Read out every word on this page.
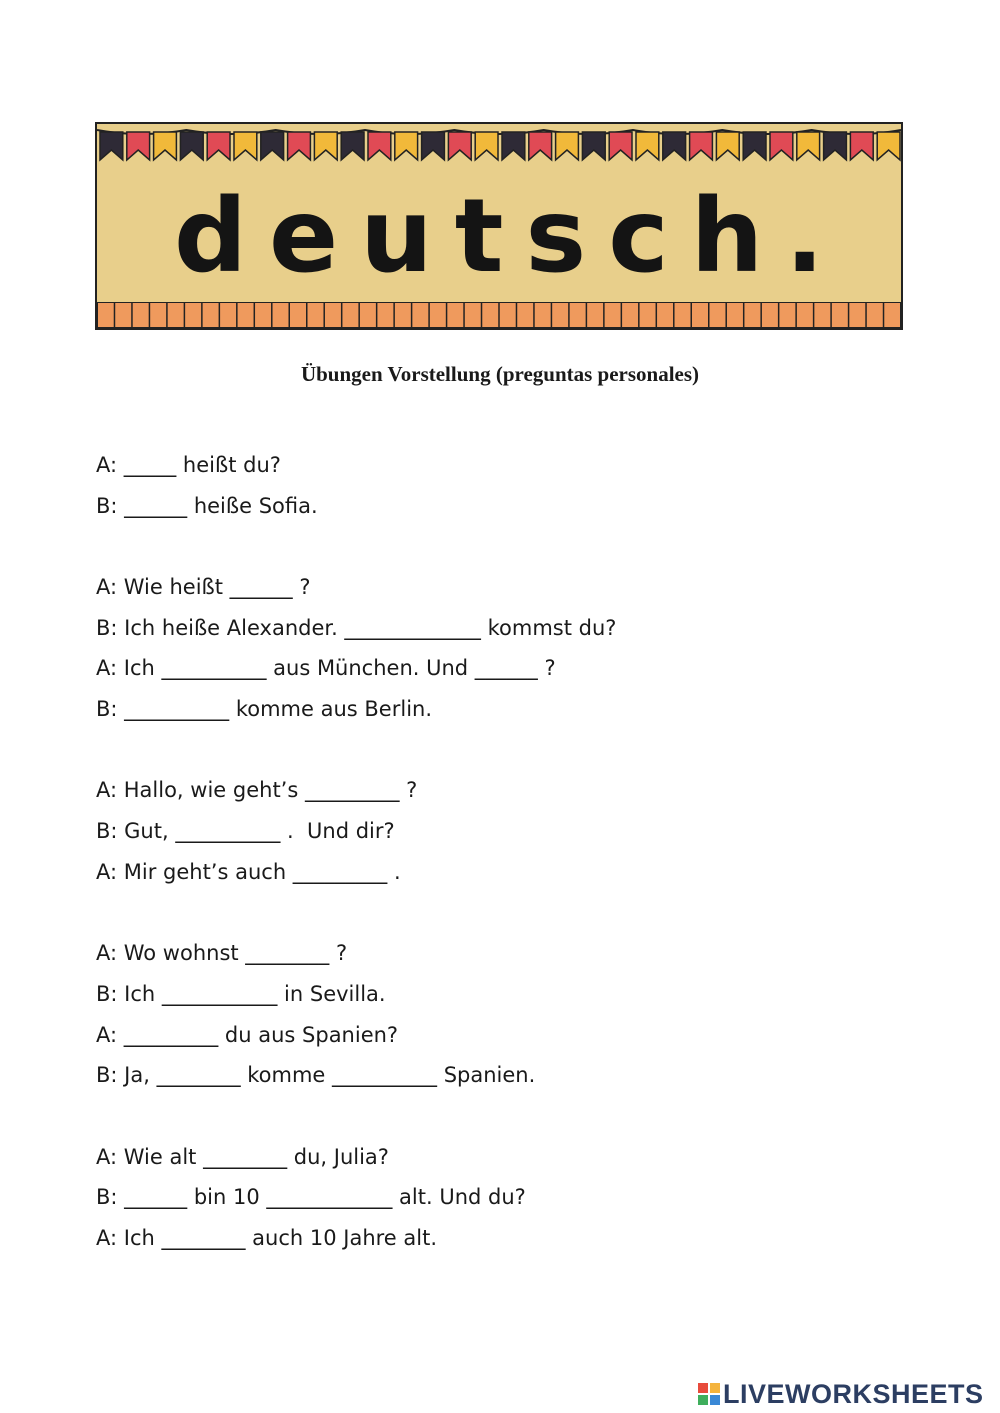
deutsch.
Übungen Vorstellung (preguntas personales)
A: _____ heißt du?
B: ______ heiße Sofia.
A: Wie heißt ______ ?
B: Ich heiße Alexander. _____________ kommst du?
A: Ich __________ aus München. Und ______ ?
B: __________ komme aus Berlin.
A: Hallo, wie geht’s _________ ?
B: Gut, __________ .  Und dir?
A: Mir geht’s auch _________ .
A: Wo wohnst ________ ?
B: Ich ___________ in Sevilla.
A: _________ du aus Spanien?
B: Ja, ________ komme __________ Spanien.
A: Wie alt ________ du, Julia?
B: ______ bin 10 ____________ alt. Und du?
A: Ich ________ auch 10 Jahre alt.
LIVEWORKSHEETS
